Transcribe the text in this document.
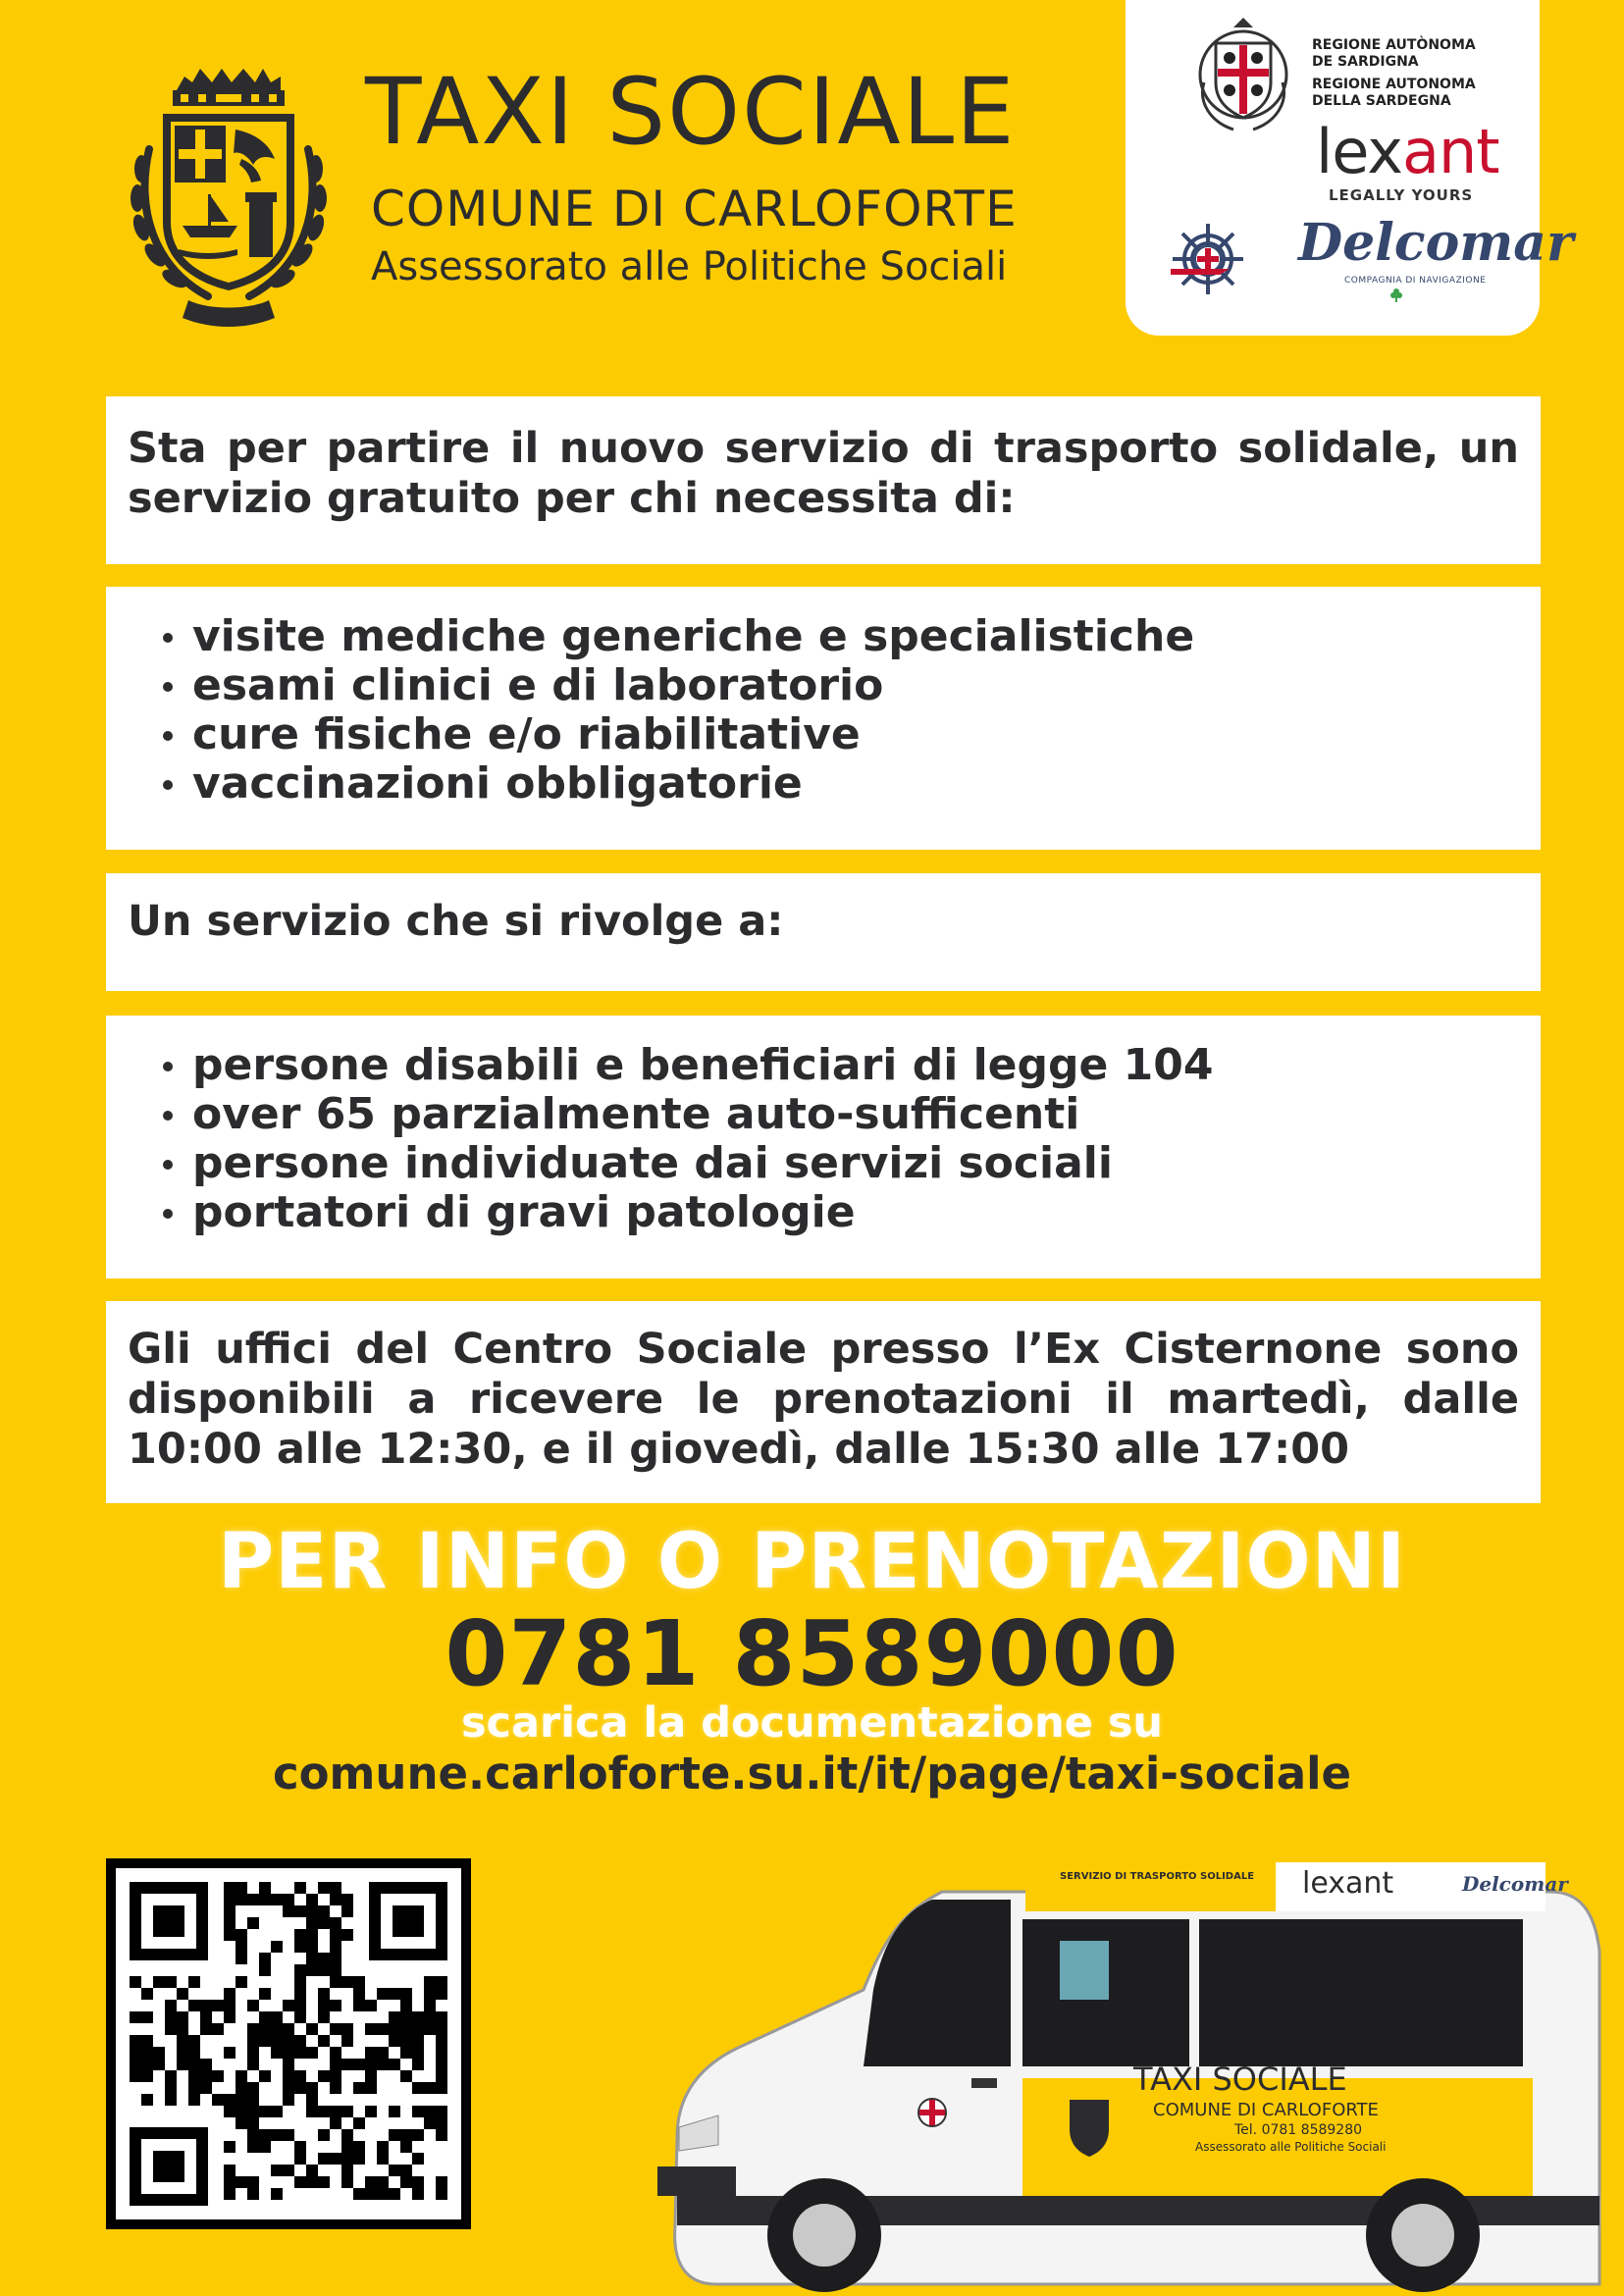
TAXI SOCIALE
COMUNE DI CARLOFORTE
Assessorato alle Politiche Sociali
REGIONE AUTÒNOMA
DE SARDIGNA
REGIONE AUTONOMA
DELLA SARDEGNA
lexant
LEGALLY YOURS
Delcomar
COMPAGNIA DI NAVIGAZIONE

Sta per partire il nuovo servizio di trasporto solidale, un servizio gratuito per chi necessita di:

visite mediche generiche e specialistiche
esami clinici e di laboratorio
cure fisiche e/o riabilitative
vaccinazioni obbligatorie

Un servizio che si rivolge a:

persone disabili e beneficiari di legge 104
over 65 parzialmente auto-sufficenti
persone individuate dai servizi sociali
portatori di gravi patologie

Gli uffici del Centro Sociale presso l’Ex Cisternone sono disponibili a ricevere le prenotazioni il martedì, dalle 10:00 alle 12:30, e il giovedì, dalle 15:30 alle 17:00

PER INFO O PRENOTAZIONI
0781 8589000
scarica la documentazione su
comune.carloforte.su.it/it/page/taxi-sociale
SERVIZIO DI TRASPORTO SOLIDALE lexant	Delcomar
TAXI SOCIALE
COMUNE DI CARLOFORTE
Tel. 0781 8589280
Assessorato alle Politiche Sociali
